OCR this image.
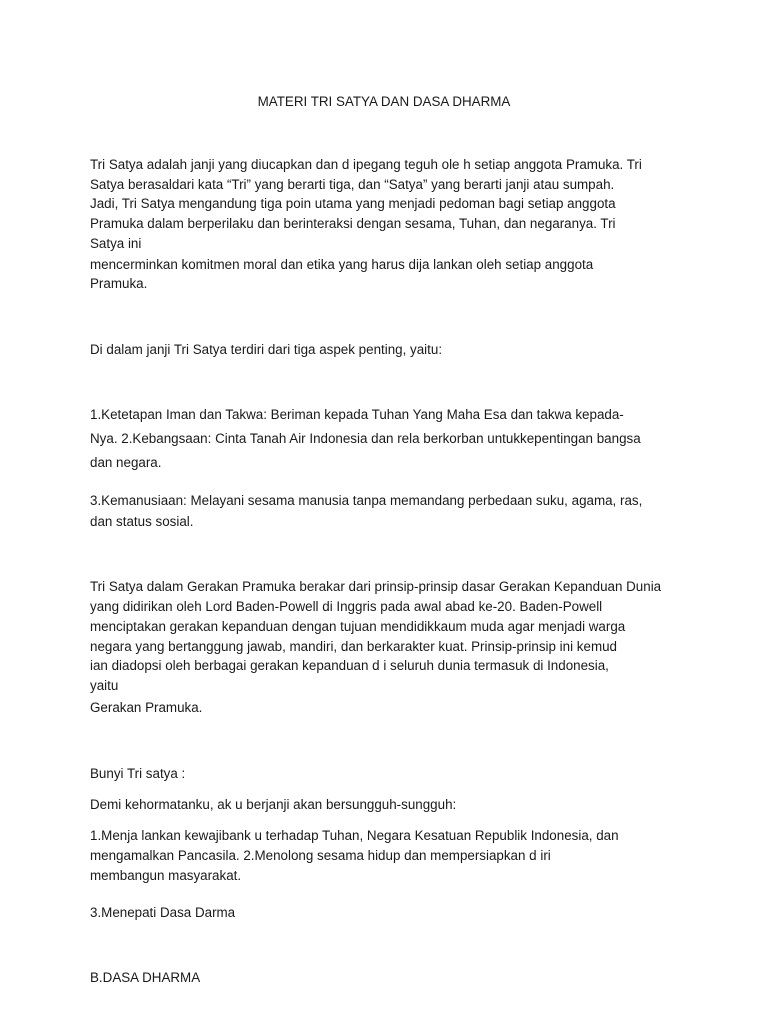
MATERI TRI SATYA DAN DASA DHARMA
Tri Satya adalah janji yang diucapkan dan d ipegang teguh ole h setiap anggota Pramuka. Tri
Satya berasaldari kata “Tri” yang berarti tiga, dan “Satya” yang berarti janji atau sumpah.
Jadi, Tri Satya mengandung tiga poin utama yang menjadi pedoman bagi setiap anggota
Pramuka dalam berperilaku dan berinteraksi dengan sesama, Tuhan, dan negaranya. Tri
Satya ini
mencerminkan komitmen moral dan etika yang harus dija lankan oleh setiap anggota
Pramuka.
Di dalam janji Tri Satya terdiri dari tiga aspek penting, yaitu:
1.Ketetapan Iman dan Takwa: Beriman kepada Tuhan Yang Maha Esa dan takwa kepada-
Nya. 2.Kebangsaan: Cinta Tanah Air Indonesia dan rela berkorban untukkepentingan bangsa
dan negara.
3.Kemanusiaan: Melayani sesama manusia tanpa memandang perbedaan suku, agama, ras,
dan status sosial.
Tri Satya dalam Gerakan Pramuka berakar dari prinsip-prinsip dasar Gerakan Kepanduan Dunia
yang didirikan oleh Lord Baden-Powell di Inggris pada awal abad ke-20. Baden-Powell
menciptakan gerakan kepanduan dengan tujuan mendidikkaum muda agar menjadi warga
negara yang bertanggung jawab, mandiri, dan berkarakter kuat. Prinsip-prinsip ini kemud
ian diadopsi oleh berbagai gerakan kepanduan d i seluruh dunia termasuk di Indonesia,
yaitu
Gerakan Pramuka.
Bunyi Tri satya :
Demi kehormatanku, ak u berjanji akan bersungguh-sungguh:
1.Menja lankan kewajibank u terhadap Tuhan, Negara Kesatuan Republik Indonesia, dan
mengamalkan Pancasila. 2.Menolong sesama hidup dan mempersiapkan d iri
membangun masyarakat.
3.Menepati Dasa Darma
B.DASA DHARMA
